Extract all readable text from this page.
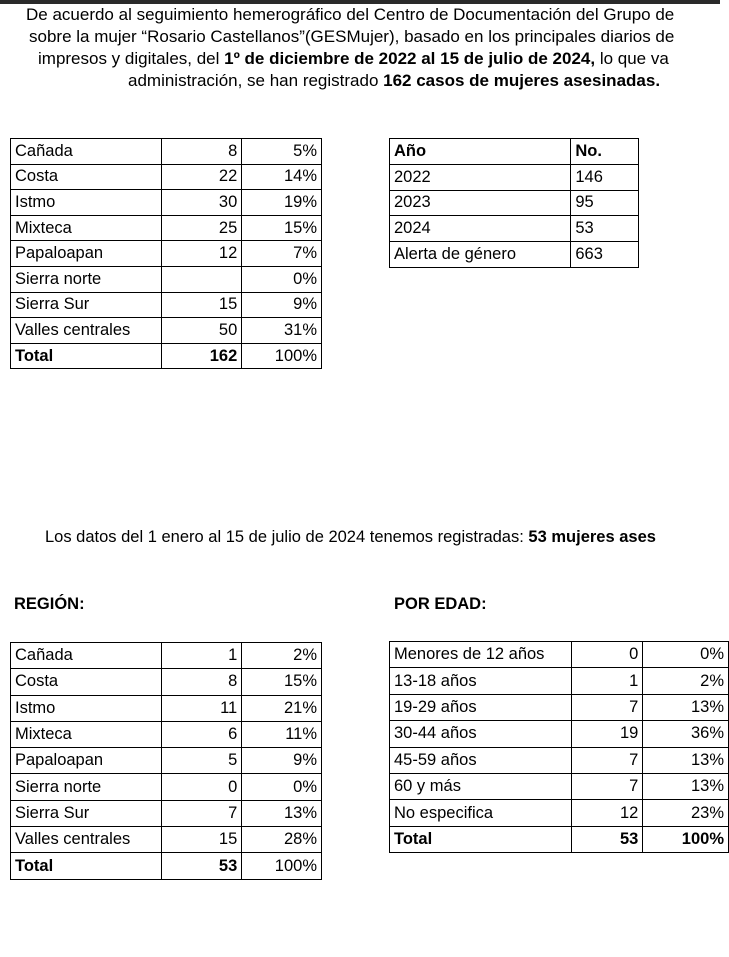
De acuerdo al seguimiento hemerográfico del Centro de Documentación del Grupo de
sobre la mujer “Rosario Castellanos”(GESMujer), basado en los principales diarios de
impresos y digitales, del 1º de diciembre de 2022 al 15 de julio de 2024, lo que va
administración, se han registrado 162 casos de mujeres asesinadas.
Cañada	8	5%
Costa	22	14%
Istmo	30	19%
Mixteca	25	15%
Papaloapan	12	7%
Sierra norte		0%
Sierra Sur	15	9%
Valles centrales	50	31%
Total	162	100%
Año	No.
2022	146
2023	95
2024	53
Alerta de género	663
Los datos del 1 enero al 15 de julio de 2024 tenemos registradas: 53 mujeres ases
REGIÓN:	POR EDAD:
Cañada	1	2%
Costa	8	15%
Istmo	11	21%
Mixteca	6	11%
Papaloapan	5	9%
Sierra norte	0	0%
Sierra Sur	7	13%
Valles centrales	15	28%
Total	53	100%
Menores de 12 años	0	0%
13-18 años	1	2%
19-29 años	7	13%
30-44 años	19	36%
45-59 años	7	13%
60 y más	7	13%
No especifica	12	23%
Total	53	100%
